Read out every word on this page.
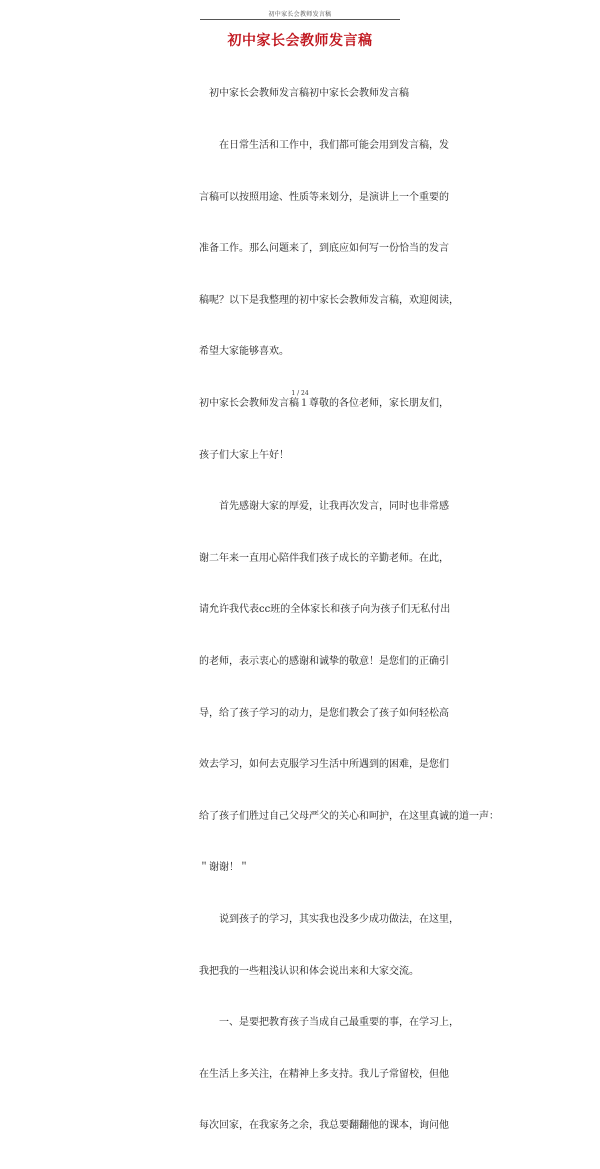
初中家长会教师发言稿
初中家长会教师发言稿

　初中家长会教师发言稿初中家长会教师发言稿

　　在日常生活和工作中，我们都可能会用到发言稿，发

言稿可以按照用途、性质等来划分，是演讲上一个重要的

准备工作。那么问题来了，到底应如何写一份恰当的发言

稿呢？以下是我整理的初中家长会教师发言稿，欢迎阅读，

希望大家能够喜欢。

初中家长会教师发言稿１尊敬的各位老师，家长朋友们，

孩子们大家上午好！

　　首先感谢大家的厚爱，让我再次发言，同时也非常感

谢二年来一直用心陪伴我们孩子成长的辛勤老师。在此，

请允许我代表cc班的全体家长和孩子向为孩子们无私付出

的老师，表示衷心的感谢和诚挚的敬意！是您们的正确引

导，给了孩子学习的动力，是您们教会了孩子如何轻松高

效去学习，如何去克服学习生活中所遇到的困难，是您们

给了孩子们胜过自己父母严父的关心和呵护，在这里真诚的道一声：

＂谢谢！＂

　　说到孩子的学习，其实我也没多少成功做法，在这里，

我把我的一些粗浅认识和体会说出来和大家交流。

　　一、是要把教育孩子当成自己最重要的事，在学习上，

在生活上多关注，在精神上多支持。我儿子常留校，但他

每次回家，在我家务之余，我总要翻翻他的课本，询问他

1 / 24
